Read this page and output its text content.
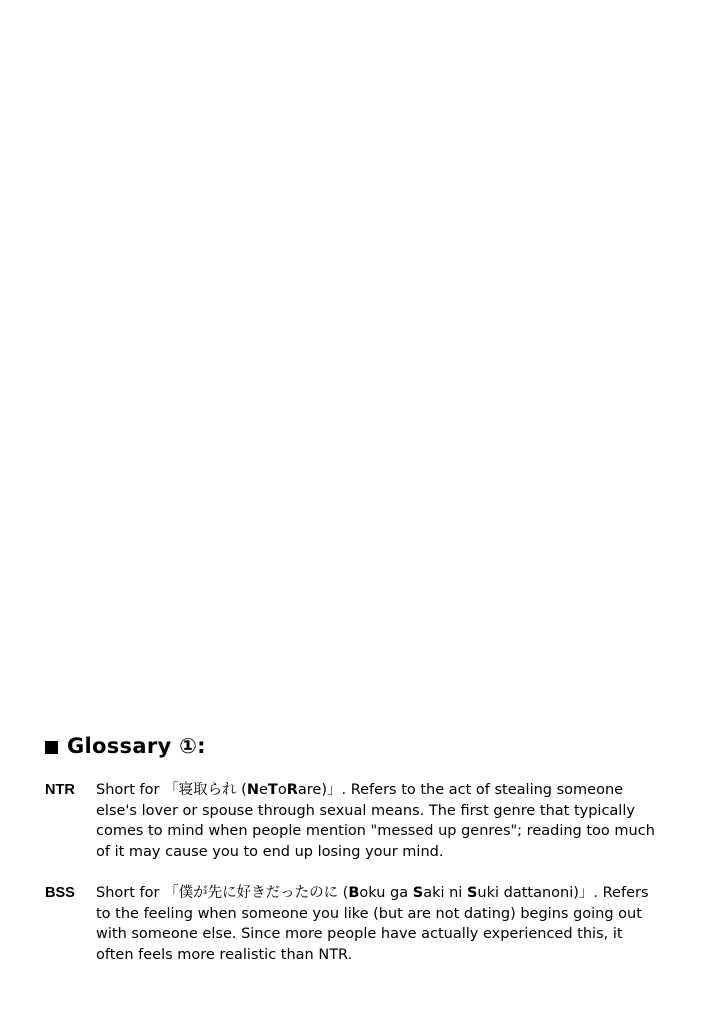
Glossary ①:
NTR	Short for 「寝取られ (NeToRare)」. Refers to the act of stealing someone else's lover or spouse through sexual means. The first genre that typically comes to mind when people mention "messed up genres"; reading too much of it may cause you to end up losing your mind.
BSS	Short for 「僕が先に好きだったのに (Boku ga Saki ni Suki dattanoni)」. Refers to the feeling when someone you like (but are not dating) begins going out with someone else. Since more people have actually experienced this, it often feels more realistic than NTR.
